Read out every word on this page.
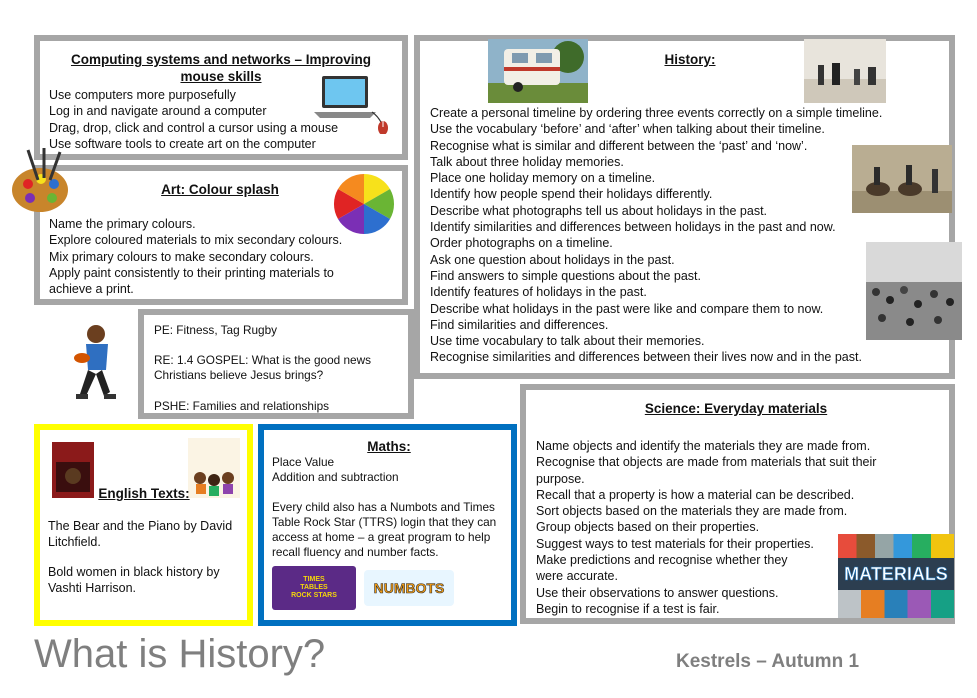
Computing systems and networks – Improving mouse skills
Use computers more purposefully
Log in and navigate around a computer
Drag, drop, click and control a cursor using a mouse
Use software tools to create art on the computer
Art: Colour splash
Name the primary colours.
Explore coloured materials to mix secondary colours.
Mix primary colours to make secondary colours.
Apply paint consistently to their printing materials to achieve a print.
PE: Fitness, Tag Rugby
RE: 1.4 GOSPEL: What is the good news Christians believe Jesus brings?
PSHE: Families and relationships
History:
Create a personal timeline by ordering three events correctly on a simple timeline.
Use the vocabulary ‘before’ and ‘after’ when talking about their timeline.
Recognise what is similar and different between the ‘past’ and ‘now’.
Talk about three holiday memories.
Place one holiday memory on a timeline.
Identify how people spend their holidays differently.
Describe what photographs tell us about holidays in the past.
Identify similarities and differences between holidays in the past and now.
Order photographs on a timeline.
Ask one question about holidays in the past.
Find answers to simple questions about the past.
Identify features of holidays in the past.
Describe what holidays in the past were like and compare them to now.
Find similarities and differences.
Use time vocabulary to talk about their memories.
Recognise similarities and differences between their lives now and in the past.
English Texts:
The Bear and the Piano by David Litchfield.
Bold women in black history by Vashti Harrison.
Maths:
Place Value
Addition and subtraction
Every child also has a Numbots and Times Table Rock Star (TTRS) login that they can access at home – a great program to help recall fluency and number facts.
TIMES TABLES ROCK STARS	NUMBOTS
Science: Everyday materials
Name objects and identify the materials they are made from.
Recognise that objects are made from materials that suit their purpose.
Recall that a property is how a material can be described.
Sort objects based on the materials they are made from.
Group objects based on their properties.
Suggest ways to test materials for their properties.
Make predictions and recognise whether they were accurate.
Use their observations to answer questions.
Begin to recognise if a test is fair.
MATERIALS
What is History?	Kestrels – Autumn 1
